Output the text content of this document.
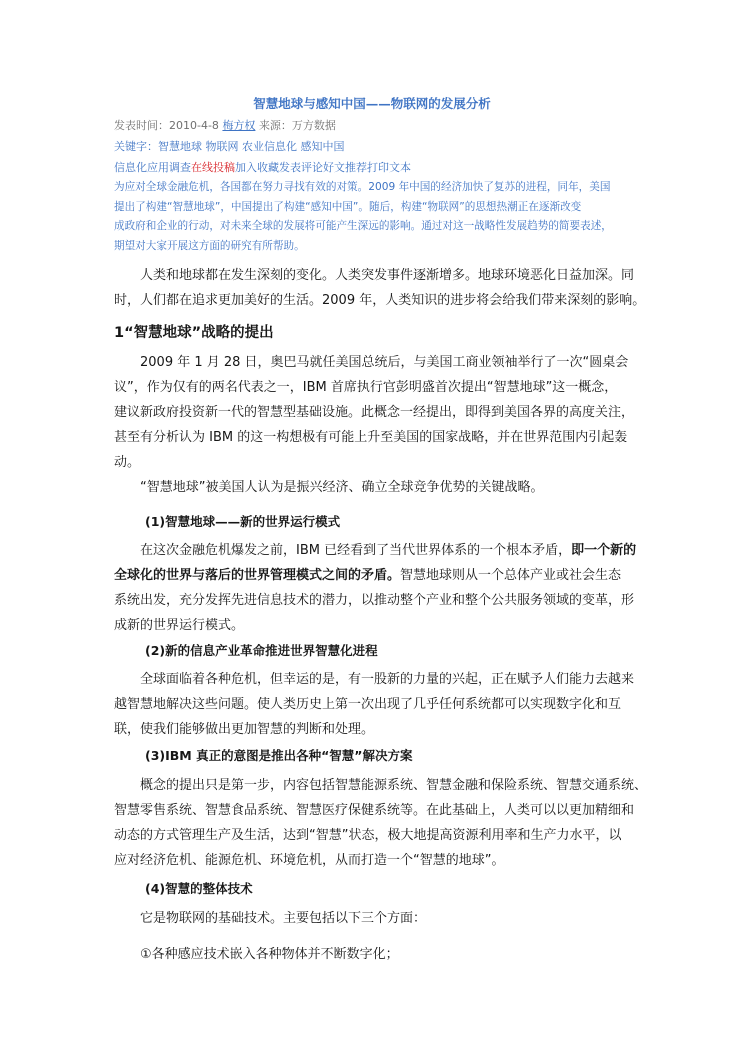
智慧地球与感知中国——物联网的发展分析
发表时间：2010-4-8 梅方权 来源：万方数据
关键字：智慧地球 物联网 农业信息化 感知中国
信息化应用调查在线投稿加入收藏发表评论好文推荐打印文本
为应对全球金融危机，各国都在努力寻找有效的对策。2009 年中国的经济加快了复苏的进程，同年，美国
提出了构建“智慧地球”，中国提出了构建“感知中国”。随后，构建“物联网”的思想热潮正在逐渐改变
成政府和企业的行动，对未来全球的发展将可能产生深远的影响。通过对这一战略性发展趋势的简要表述，
期望对大家开展这方面的研究有所帮助。
　　人类和地球都在发生深刻的变化。人类突发事件逐渐增多。地球环境恶化日益加深。同
时，人们都在追求更加美好的生活。2009 年，人类知识的进步将会给我们带来深刻的影响。
1“智慧地球”战略的提出
　　2009 年 1 月 28 日，奥巴马就任美国总统后，与美国工商业领袖举行了一次“圆桌会
议”，作为仅有的两名代表之一，IBM 首席执行官彭明盛首次提出“智慧地球”这一概念，
建议新政府投资新一代的智慧型基础设施。此概念一经提出，即得到美国各界的高度关注，
甚至有分析认为 IBM 的这一构想极有可能上升至美国的国家战略，并在世界范围内引起轰
动。
　　“智慧地球”被美国人认为是振兴经济、确立全球竞争优势的关键战略。
(1)智慧地球——新的世界运行模式
　　在这次金融危机爆发之前，IBM 已经看到了当代世界体系的一个根本矛盾，即一个新的
全球化的世界与落后的世界管理模式之间的矛盾。智慧地球则从一个总体产业或社会生态
系统出发，充分发挥先进信息技术的潜力，以推动整个产业和整个公共服务领域的变革，形
成新的世界运行模式。
(2)新的信息产业革命推进世界智慧化进程
　　全球面临着各种危机，但幸运的是，有一股新的力量的兴起，正在赋予人们能力去越来
越智慧地解决这些问题。使人类历史上第一次出现了几乎任何系统都可以实现数字化和互
联，使我们能够做出更加智慧的判断和处理。
(3)IBM 真正的意图是推出各种“智慧”解决方案
　　概念的提出只是第一步，内容包括智慧能源系统、智慧金融和保险系统、智慧交通系统、
智慧零售系统、智慧食品系统、智慧医疗保健系统等。在此基础上，人类可以以更加精细和
动态的方式管理生产及生活，达到“智慧”状态，极大地提高资源利用率和生产力水平，以
应对经济危机、能源危机、环境危机，从而打造一个“智慧的地球”。
(4)智慧的整体技术
　　它是物联网的基础技术。主要包括以下三个方面：
　　①各种感应技术嵌入各种物体并不断数字化；
